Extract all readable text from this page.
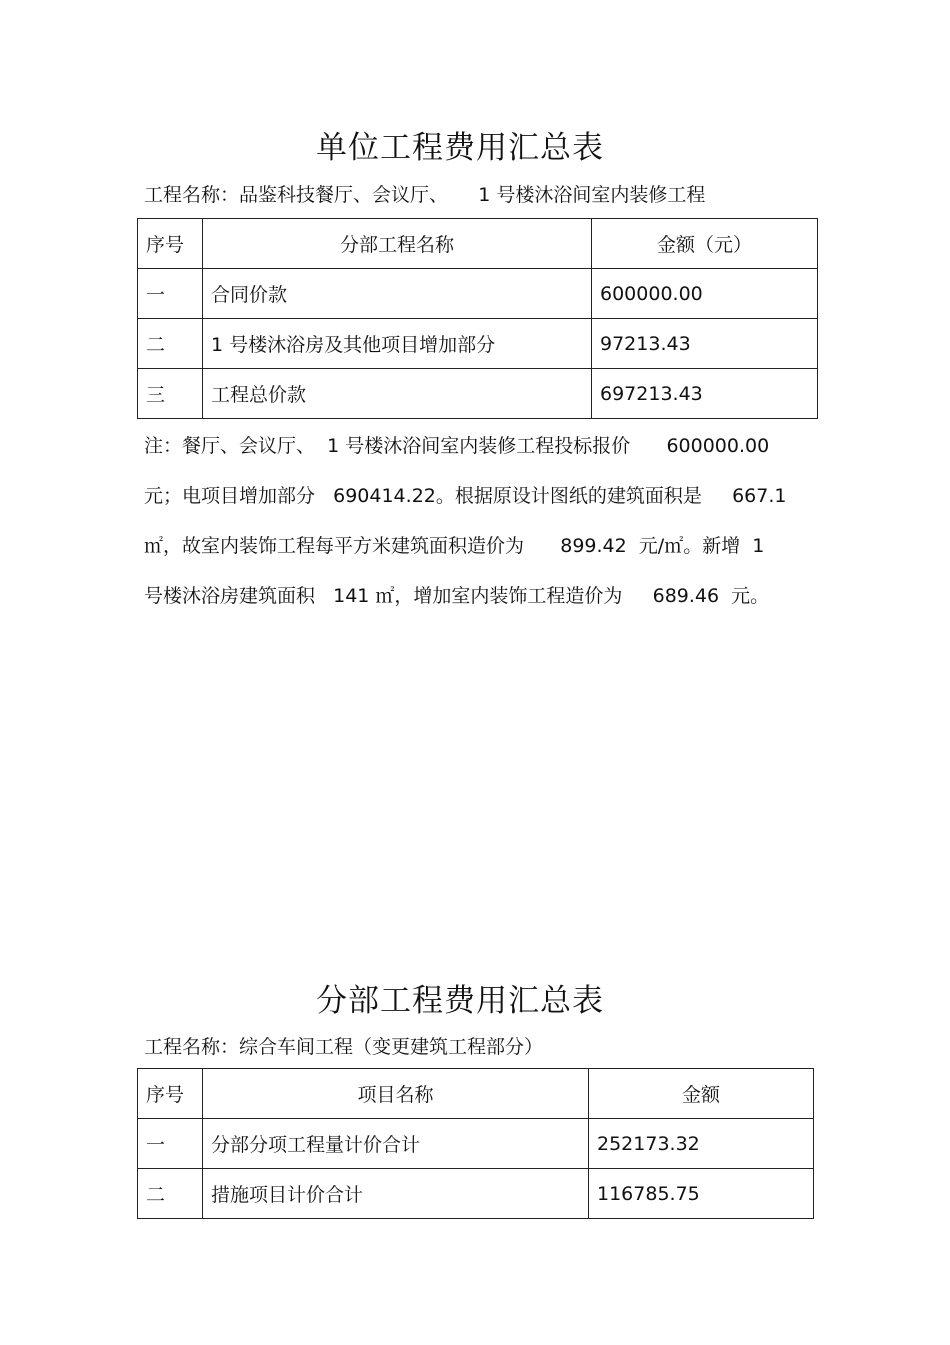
单位工程费用汇总表
工程名称：品鉴科技餐厅、会议厅、     1 号楼沐浴间室内装修工程
序号	分部工程名称	金额（元）
一	合同价款	600000.00
二	1 号楼沐浴房及其他项目增加部分	97213.43
三	工程总价款	697213.43
注：餐厅、会议厅、  1 号楼沐浴间室内装修工程投标报价      600000.00
元；电项目增加部分   690414.22。根据原设计图纸的建筑面积是     667.1
㎡，故室内装饰工程每平方米建筑面积造价为      899.42  元/㎡。新增  1
号楼沐浴房建筑面积   141 ㎡，增加室内装饰工程造价为     689.46  元。
分部工程费用汇总表
工程名称：综合车间工程（变更建筑工程部分）
序号	项目名称	金额
一	分部分项工程量计价合计	252173.32
二	措施项目计价合计	116785.75
